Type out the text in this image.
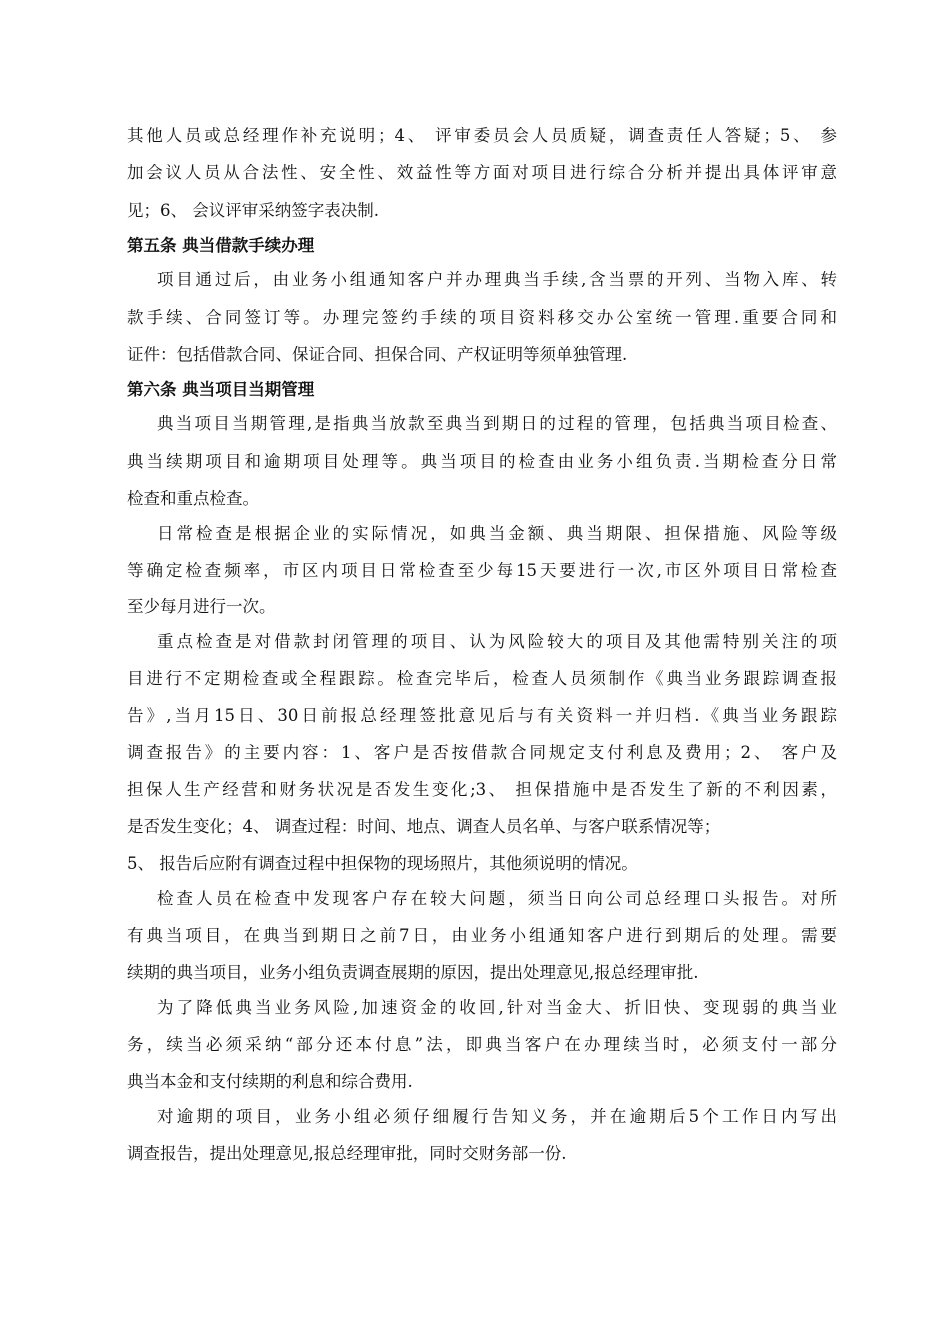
其他人员或总经理作补充说明；4、 评审委员会人员质疑，调查责任人答疑；5、 参
加会议人员从合法性、安全性、效益性等方面对项目进行综合分析并提出具体评审意
见；6、 会议评审采纳签字表决制.
第五条 典当借款手续办理
项目通过后，由业务小组通知客户并办理典当手续,含当票的开列、当物入库、转
款手续、合同签订等。办理完签约手续的项目资料移交办公室统一管理.重要合同和
证件：包括借款合同、保证合同、担保合同、产权证明等须单独管理.
第六条 典当项目当期管理
典当项目当期管理,是指典当放款至典当到期日的过程的管理，包括典当项目检查、
典当续期项目和逾期项目处理等。典当项目的检查由业务小组负责.当期检查分日常
检查和重点检查。
日常检查是根据企业的实际情况，如典当金额、典当期限、担保措施、风险等级
等确定检查频率，市区内项目日常检查至少每15天要进行一次,市区外项目日常检查
至少每月进行一次。
重点检查是对借款封闭管理的项目、认为风险较大的项目及其他需特别关注的项
目进行不定期检查或全程跟踪。检查完毕后，检查人员须制作《典当业务跟踪调查报
告》,当月15日、30日前报总经理签批意见后与有关资料一并归档.《典当业务跟踪
调查报告》的主要内容：1、客户是否按借款合同规定支付利息及费用；2、 客户及
担保人生产经营和财务状况是否发生变化;3、 担保措施中是否发生了新的不利因素，
是否发生变化；4、 调查过程：时间、地点、调查人员名单、与客户联系情况等；
5、 报告后应附有调查过程中担保物的现场照片，其他须说明的情况。
检查人员在检查中发现客户存在较大问题，须当日向公司总经理口头报告。对所
有典当项目，在典当到期日之前7日，由业务小组通知客户进行到期后的处理。需要
续期的典当项目，业务小组负责调查展期的原因，提出处理意见,报总经理审批.
为了降低典当业务风险,加速资金的收回,针对当金大、折旧快、变现弱的典当业
务，续当必须采纳“部分还本付息”法，即典当客户在办理续当时，必须支付一部分
典当本金和支付续期的利息和综合费用.
对逾期的项目，业务小组必须仔细履行告知义务，并在逾期后5个工作日内写出
调查报告，提出处理意见,报总经理审批，同时交财务部一份.
